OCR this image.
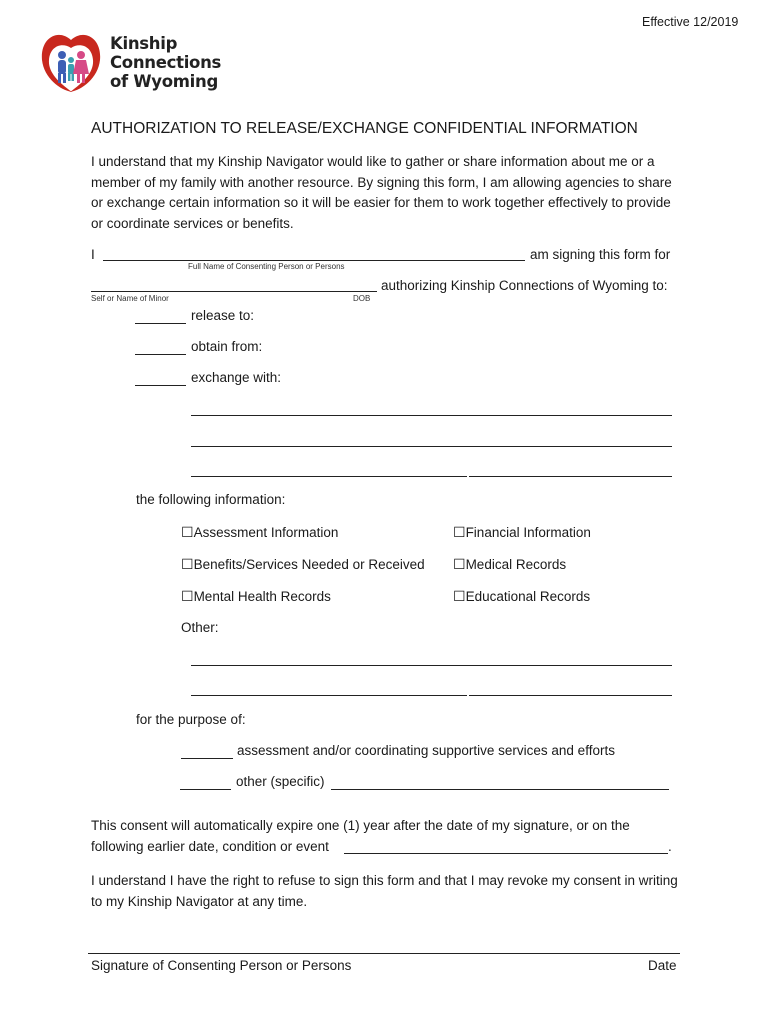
Effective 12/2019
Kinship
Connections
of Wyoming
AUTHORIZATION TO RELEASE/EXCHANGE CONFIDENTIAL INFORMATION
I understand that my Kinship Navigator would like to gather or share information about me or a member of my family with another resource. By signing this form, I am allowing agencies to share or exchange certain information so it will be easier for them to work together effectively to provide or coordinate services or benefits.
I	am signing this form for
Full Name of Consenting Person or Persons
authorizing Kinship Connections of Wyoming to:
Self or Name of Minor	DOB
release to:
obtain from:
exchange with:
the following information:
☐Assessment Information	☐Financial Information
☐Benefits/Services Needed or Received ☐Medical Records
☐Mental Health Records	☐Educational Records
Other:
for the purpose of:
assessment and/or coordinating supportive services and efforts
other (specific)
This consent will automatically expire one (1) year after the date of my signature, or on the
following earlier date, condition or event	.
I understand I have the right to refuse to sign this form and that I may revoke my consent in writing to my Kinship Navigator at any time.
Signature of Consenting Person or Persons	Date
